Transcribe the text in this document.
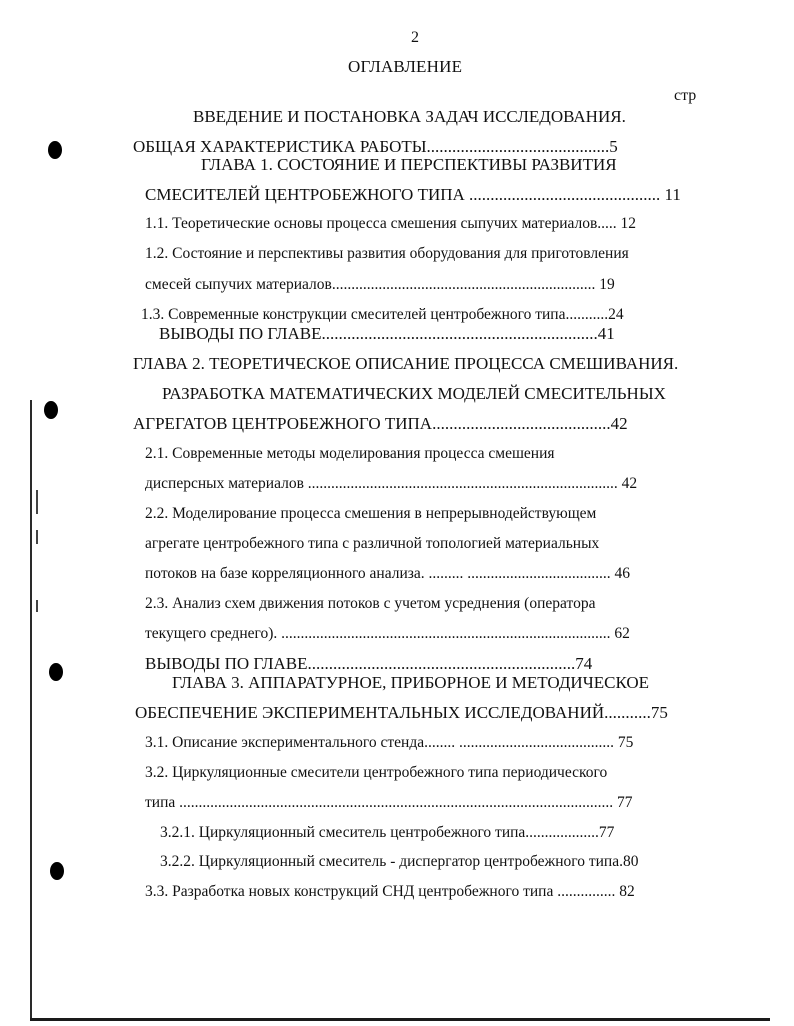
2
ОГЛАВЛЕНИЕ
стр
ВВЕДЕНИЕ И ПОСТАНОВКА ЗАДАЧ ИССЛЕДОВАНИЯ.
ОБЩАЯ ХАРАКТЕРИСТИКА РАБОТЫ...........................................5
ГЛАВА 1. СОСТОЯНИЕ И ПЕРСПЕКТИВЫ РАЗВИТИЯ
СМЕСИТЕЛЕЙ ЦЕНТРОБЕЖНОГО ТИПА ............................................. 11
1.1. Теоретические основы процесса смешения сыпучих материалов..... 12
1.2. Состояние и перспективы развития оборудования для приготовления
смесей сыпучих материалов.................................................................... 19
1.3. Современные конструкции смесителей центробежного типа...........24
ВЫВОДЫ ПО ГЛАВЕ.................................................................41
ГЛАВА 2. ТЕОРЕТИЧЕСКОЕ ОПИСАНИЕ ПРОЦЕССА СМЕШИВАНИЯ.
РАЗРАБОТКА МАТЕМАТИЧЕСКИХ МОДЕЛЕЙ СМЕСИТЕЛЬНЫХ
АГРЕГАТОВ ЦЕНТРОБЕЖНОГО ТИПА..........................................42
2.1. Современные методы моделирования процесса смешения
дисперсных материалов ................................................................................ 42
2.2. Моделирование процесса смешения в непрерывнодействующем
агрегате центробежного типа с различной топологией материальных
потоков на базе корреляционного анализа. ......... ..................................... 46
2.3. Анализ схем движения потоков с учетом усреднения (оператора
текущего среднего). ..................................................................................... 62
ВЫВОДЫ ПО ГЛАВЕ...............................................................74
ГЛАВА 3. АППАРАТУРНОЕ, ПРИБОРНОЕ И МЕТОДИЧЕСКОЕ
ОБЕСПЕЧЕНИЕ ЭКСПЕРИМЕНТАЛЬНЫХ ИССЛЕДОВАНИЙ...........75
3.1. Описание экспериментального стенда........ ........................................ 75
3.2. Циркуляционные смесители центробежного типа периодического
типа ................................................................................................................ 77
3.2.1. Циркуляционный смеситель центробежного типа...................77
3.2.2. Циркуляционный смеситель - диспергатор центробежного типа.80
3.3. Разработка новых конструкций СНД центробежного типа ............... 82
